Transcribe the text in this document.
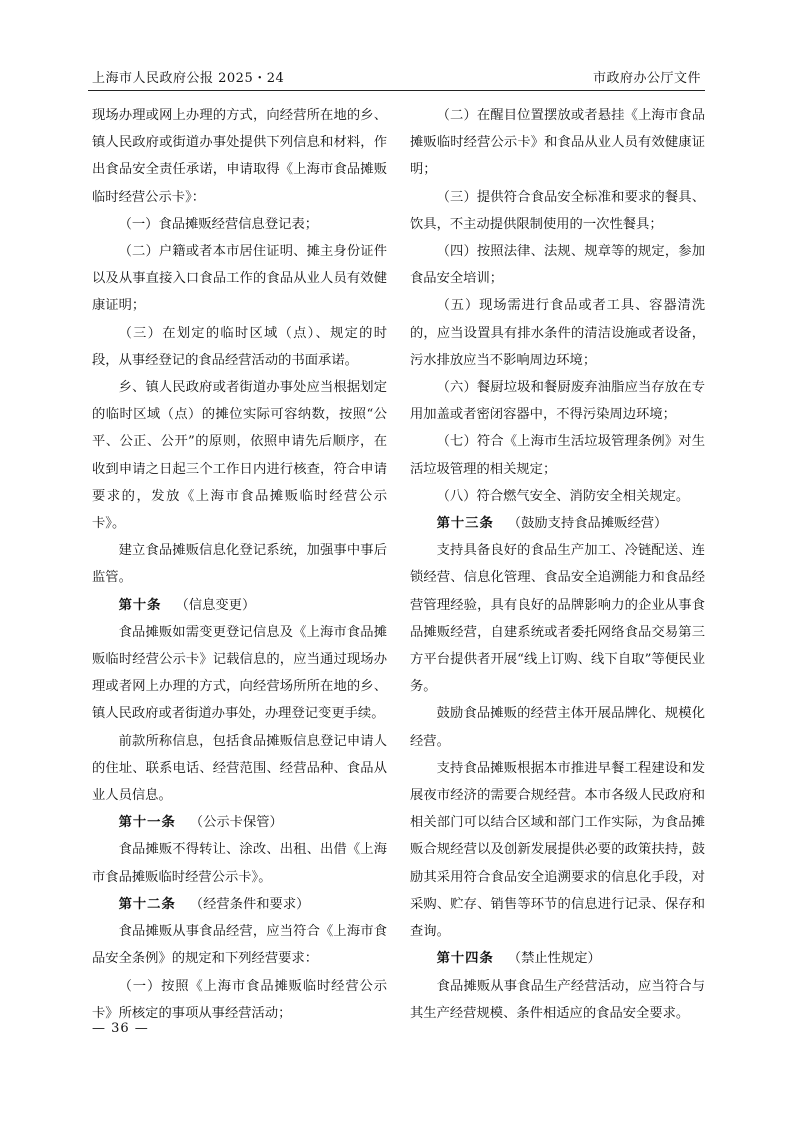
上海市人民政府公报 2025・24	市政府办公厅文件

现场办理或网上办理的方式，向经营所在地的乡、镇人民政府或街道办事处提供下列信息和材料，作出食品安全责任承诺，申请取得《上海市食品摊贩临时经营公示卡》：

（一）食品摊贩经营信息登记表；

（二）户籍或者本市居住证明、摊主身份证件以及从事直接入口食品工作的食品从业人员有效健康证明；

（三）在划定的临时区域（点）、规定的时段，从事经登记的食品经营活动的书面承诺。

乡、镇人民政府或者街道办事处应当根据划定的临时区域（点）的摊位实际可容纳数，按照“公平、公正、公开”的原则，依照申请先后顺序，在收到申请之日起三个工作日内进行核查，符合申请要求的，发放《上海市食品摊贩临时经营公示卡》。

建立食品摊贩信息化登记系统，加强事中事后监管。

第十条 （信息变更）

食品摊贩如需变更登记信息及《上海市食品摊贩临时经营公示卡》记载信息的，应当通过现场办理或者网上办理的方式，向经营场所所在地的乡、镇人民政府或者街道办事处，办理登记变更手续。

前款所称信息，包括食品摊贩信息登记申请人的住址、联系电话、经营范围、经营品种、食品从业人员信息。

第十一条 （公示卡保管）

食品摊贩不得转让、涂改、出租、出借《上海市食品摊贩临时经营公示卡》。

第十二条 （经营条件和要求）

食品摊贩从事食品经营，应当符合《上海市食品安全条例》的规定和下列经营要求：

（一）按照《上海市食品摊贩临时经营公示卡》所核定的事项从事经营活动；

（二）在醒目位置摆放或者悬挂《上海市食品摊贩临时经营公示卡》和食品从业人员有效健康证明；

（三）提供符合食品安全标准和要求的餐具、饮具，不主动提供限制使用的一次性餐具；

（四）按照法律、法规、规章等的规定，参加食品安全培训；

（五）现场需进行食品或者工具、容器清洗的，应当设置具有排水条件的清洁设施或者设备，污水排放应当不影响周边环境；

（六）餐厨垃圾和餐厨废弃油脂应当存放在专用加盖或者密闭容器中，不得污染周边环境；

（七）符合《上海市生活垃圾管理条例》对生活垃圾管理的相关规定；

（八）符合燃气安全、消防安全相关规定。

第十三条 （鼓励支持食品摊贩经营）

支持具备良好的食品生产加工、冷链配送、连锁经营、信息化管理、食品安全追溯能力和食品经营管理经验，具有良好的品牌影响力的企业从事食品摊贩经营，自建系统或者委托网络食品交易第三方平台提供者开展“线上订购、线下自取”等便民业务。

鼓励食品摊贩的经营主体开展品牌化、规模化经营。

支持食品摊贩根据本市推进早餐工程建设和发展夜市经济的需要合规经营。本市各级人民政府和相关部门可以结合区域和部门工作实际，为食品摊贩合规经营以及创新发展提供必要的政策扶持，鼓励其采用符合食品安全追溯要求的信息化手段，对采购、贮存、销售等环节的信息进行记录、保存和查询。

第十四条 （禁止性规定）

食品摊贩从事食品生产经营活动，应当符合与其生产经营规模、条件相适应的食品安全要求。

— 36 —
